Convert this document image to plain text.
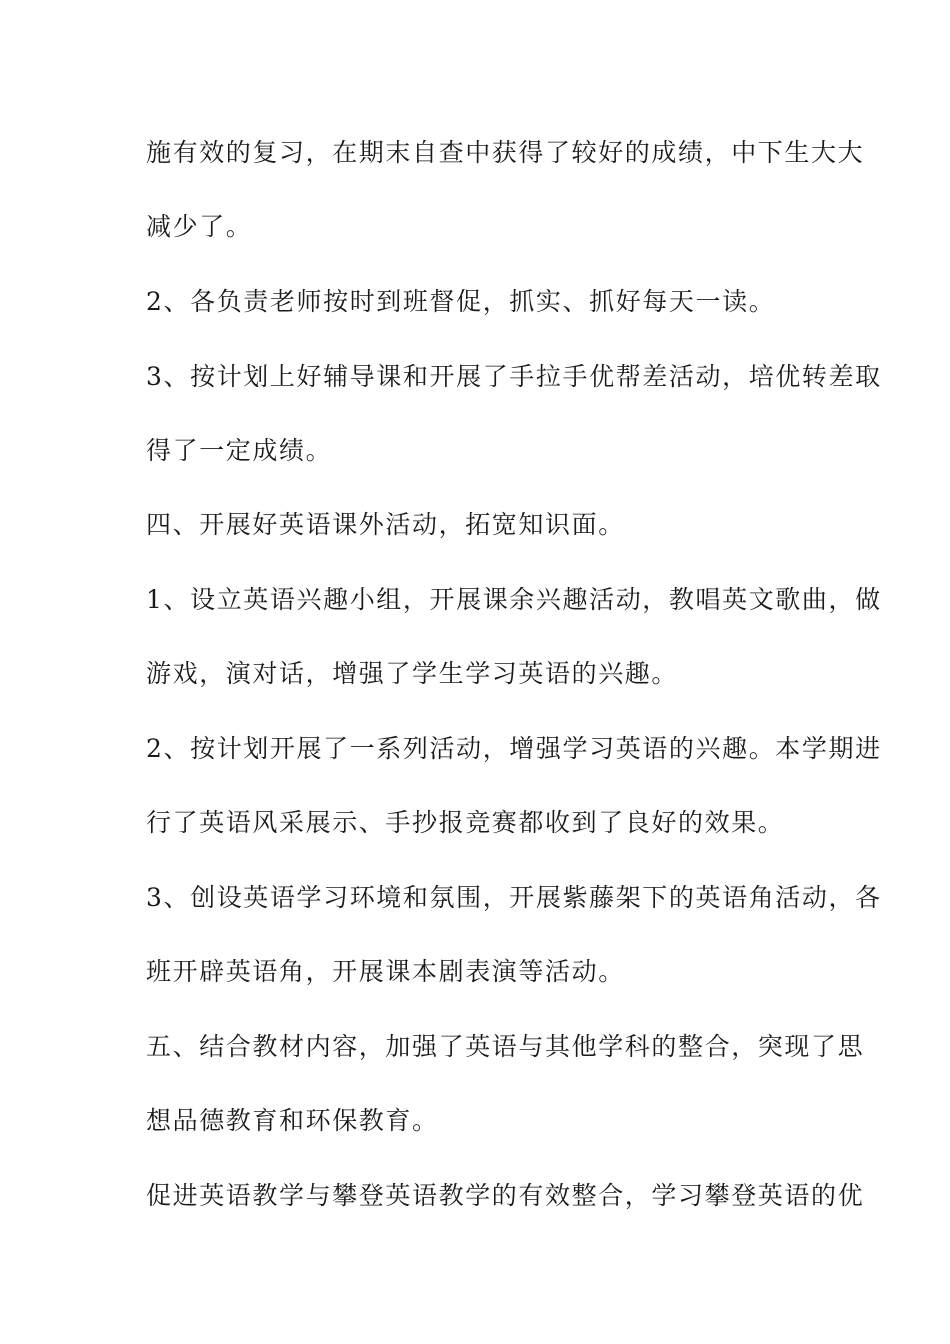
施有效的复习，在期末自查中获得了较好的成绩，中下生大大

减少了。

2、各负责老师按时到班督促，抓实、抓好每天一读。

3、按计划上好辅导课和开展了手拉手优帮差活动，培优转差取

得了一定成绩。

四、开展好英语课外活动，拓宽知识面。

1、设立英语兴趣小组，开展课余兴趣活动，教唱英文歌曲，做

游戏，演对话，增强了学生学习英语的兴趣。

2、按计划开展了一系列活动，增强学习英语的兴趣。本学期进

行了英语风采展示、手抄报竞赛都收到了良好的效果。

3、创设英语学习环境和氛围，开展紫藤架下的英语角活动，各

班开辟英语角，开展课本剧表演等活动。

五、结合教材内容，加强了英语与其他学科的整合，突现了思

想品德教育和环保教育。

促进英语教学与攀登英语教学的有效整合，学习攀登英语的优
